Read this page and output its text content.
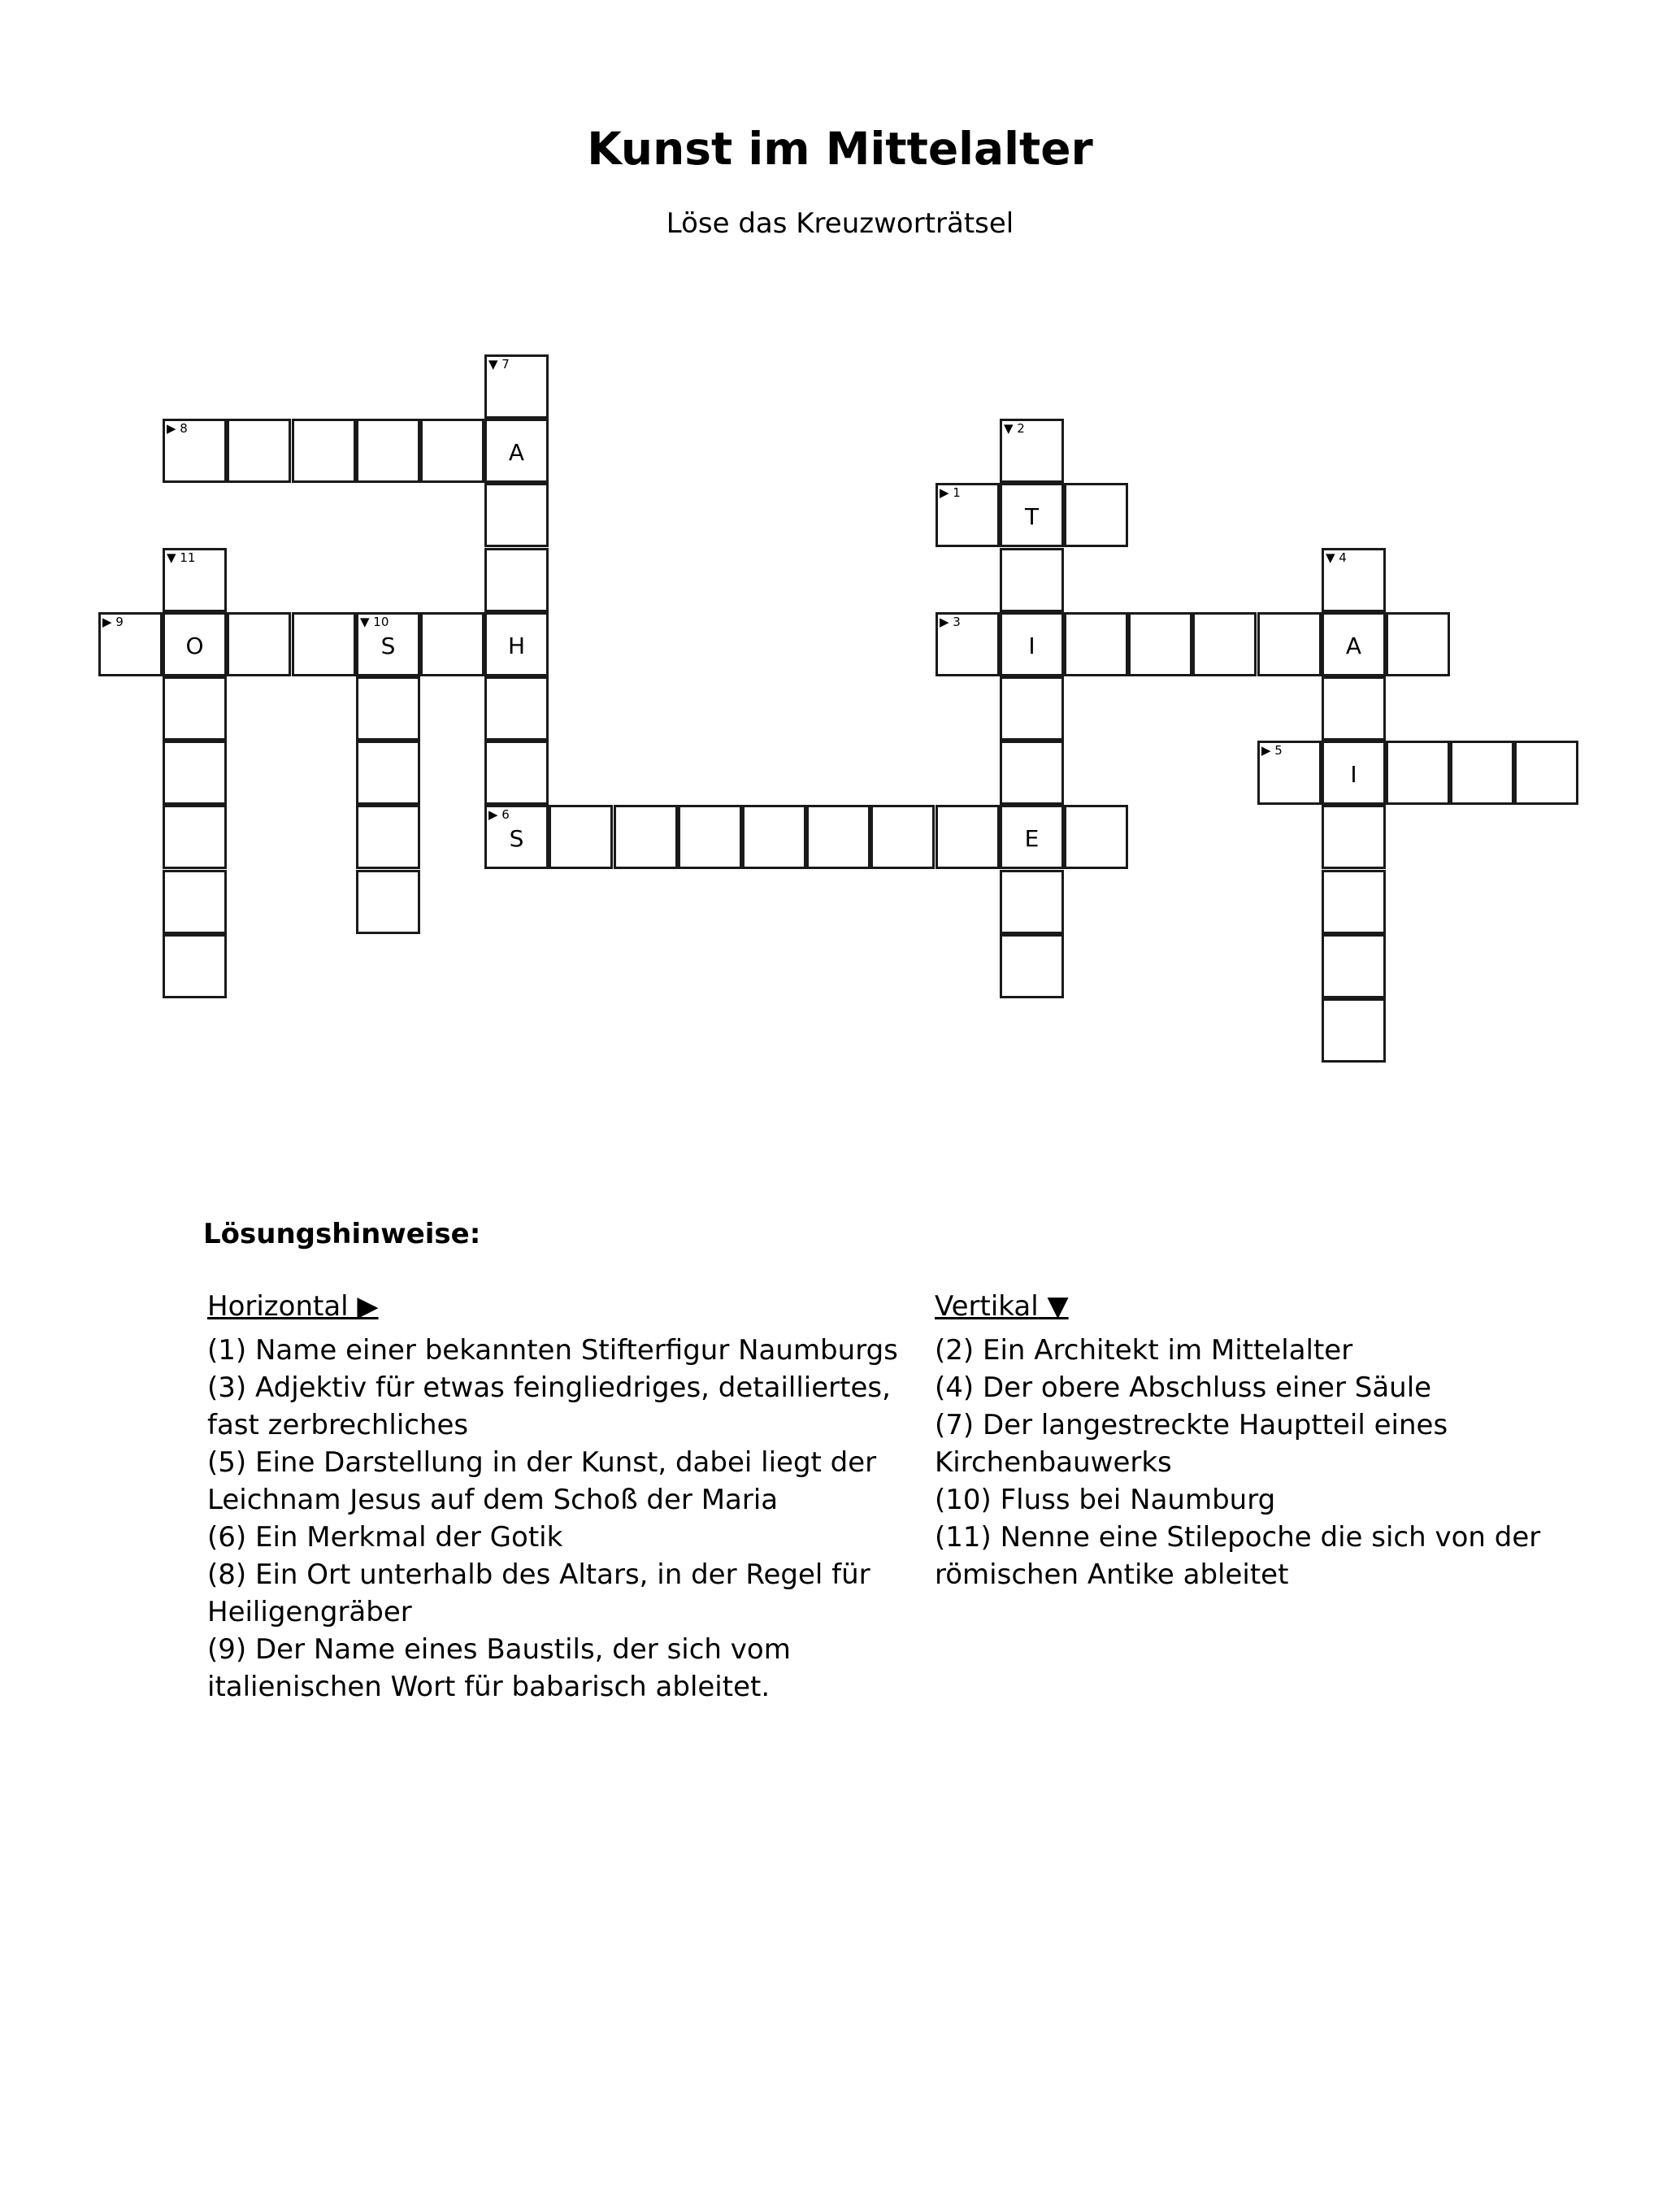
Kunst im Mittelalter
Löse das Kreuzworträtsel
▼ 7
▶ 8
A
▼ 2
▶ 1
T
▼ 11	▼ 4
▶ 9
O
▼ 10
S	H
▶ 3
I	A
▶ 5
I
▶ 6
S	E
Lösungshinweise:
Horizontal ▶

(1) Name einer bekannten Stifterfigur Naumburgs

(3) Adjektiv für etwas feingliedriges, detailliertes, fast zerbrechliches

(5) Eine Darstellung in der Kunst, dabei liegt der Leichnam Jesus auf dem Schoß der Maria

(6) Ein Merkmal der Gotik

(8) Ein Ort unterhalb des Altars, in der Regel für Heiligengräber

(9) Der Name eines Baustils, der sich vom italienischen Wort für babarisch ableitet.

Vertikal ▼

(2) Ein Architekt im Mittelalter

(4) Der obere Abschluss einer Säule

(7) Der langestreckte Hauptteil eines Kirchenbauwerks

(10) Fluss bei Naumburg

(11) Nenne eine Stilepoche die sich von der römischen Antike ableitet
